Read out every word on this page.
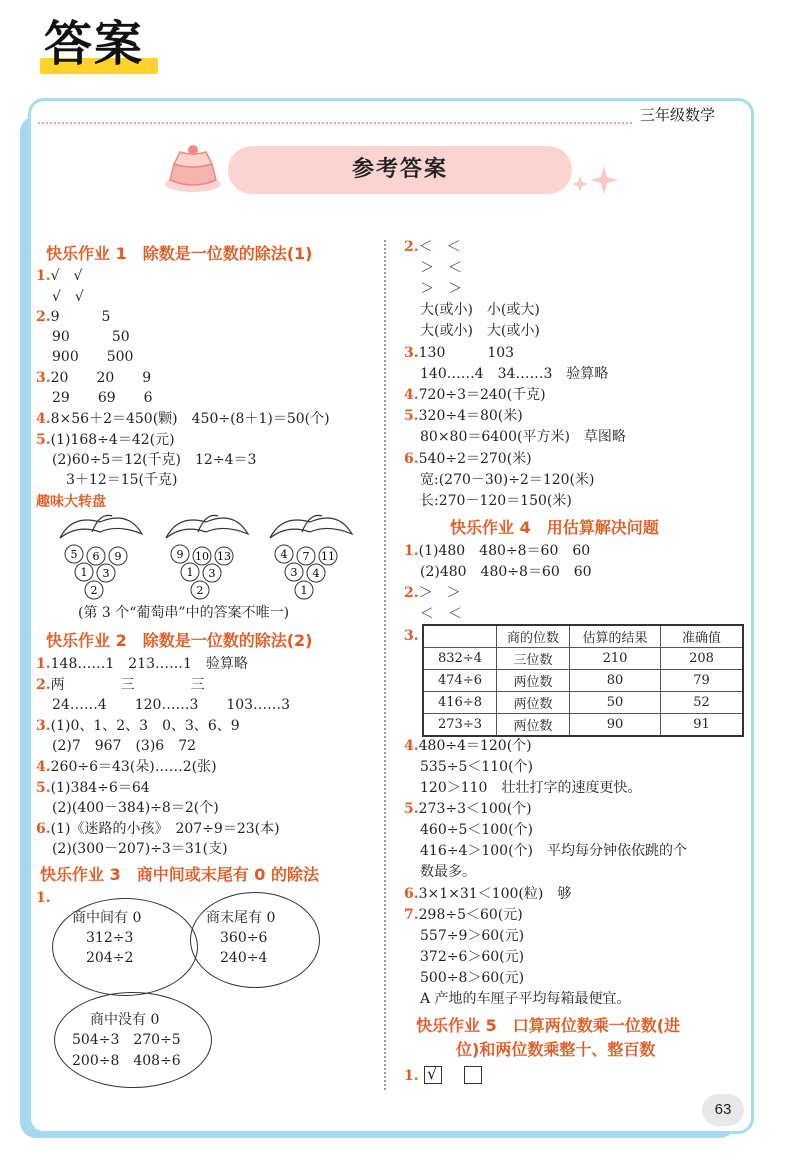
答案
三年级数学
参考答案
快乐作业 1　除数是一位数的除法(1)
1.√　√
√　√
2.9　　　5
90　　　50
900　　500
3.20　　20　　9
29　　69　　6
4.8×56＋2＝450(颗)　450÷(8＋1)＝50(个)
5.(1)168÷4＝42(元)
(2)60÷5＝12(千克)　12÷4＝3
3＋12＝15(千克)
趣味大转盘
5 6 9
1 3
2
9 10 13
1 3
2
4 7 11
3 4
1
(第 3 个“葡萄串”中的答案不唯一)
快乐作业 2　除数是一位数的除法(2)
1.148……1　213……1　验算略
2.两　　　　三　　　　三
24……4　　120……3　　103……3
3.(1)0、1、2、3　0、3、6、9
(2)7　967　(3)6　72
4.260÷6＝43(朵)……2(张)
5.(1)384÷6＝64
(2)(400－384)÷8＝2(个)
6.(1)《迷路的小孩》　207÷9＝23(本)
(2)(300－207)÷3＝31(支)
快乐作业 3　商中间或末尾有 0 的除法
1.
商中间有 0
312÷3
204÷2
商末尾有 0
360÷6
240÷4
商中没有 0
504÷3　270÷5
200÷8　408÷6
2.＜　＜
＞　＜
＞　＞
大(或小)　小(或大)
大(或小)　大(或小)
3.130　　　103
140……4　34……3　验算略
4.720÷3＝240(千克)
5.320÷4＝80(米)
80×80＝6400(平方米)　草图略
6.540÷2＝270(米)
宽:(270－30)÷2＝120(米)
长:270－120＝150(米)
快乐作业 4　用估算解决问题
1.(1)480　480÷8＝60　60
(2)480　480÷8＝60　60
2.＞　＞
＜　＜
3.
		商的位数	估算的结果	准确值
832÷4	三位数	210	208
474÷6	两位数	80	79
416÷8	两位数	50	52
273÷3	两位数	90	91
4.480÷4＝120(个)
535÷5＜110(个)
120＞110　壮壮打字的速度更快。
5.273÷3＜100(个)
460÷5＜100(个)
416÷4＞100(个)　平均每分钟依依跳的个
数最多。
6.3×1×31＜100(粒)　够
7.298÷5＜60(元)
557÷9＞60(元)
372÷6＞60(元)
500÷8＞60(元)
A 产地的车厘子平均每箱最便宜。
快乐作业 5　口算两位数乘一位数(进
位)和两位数乘整十、整百数
1. √
63
